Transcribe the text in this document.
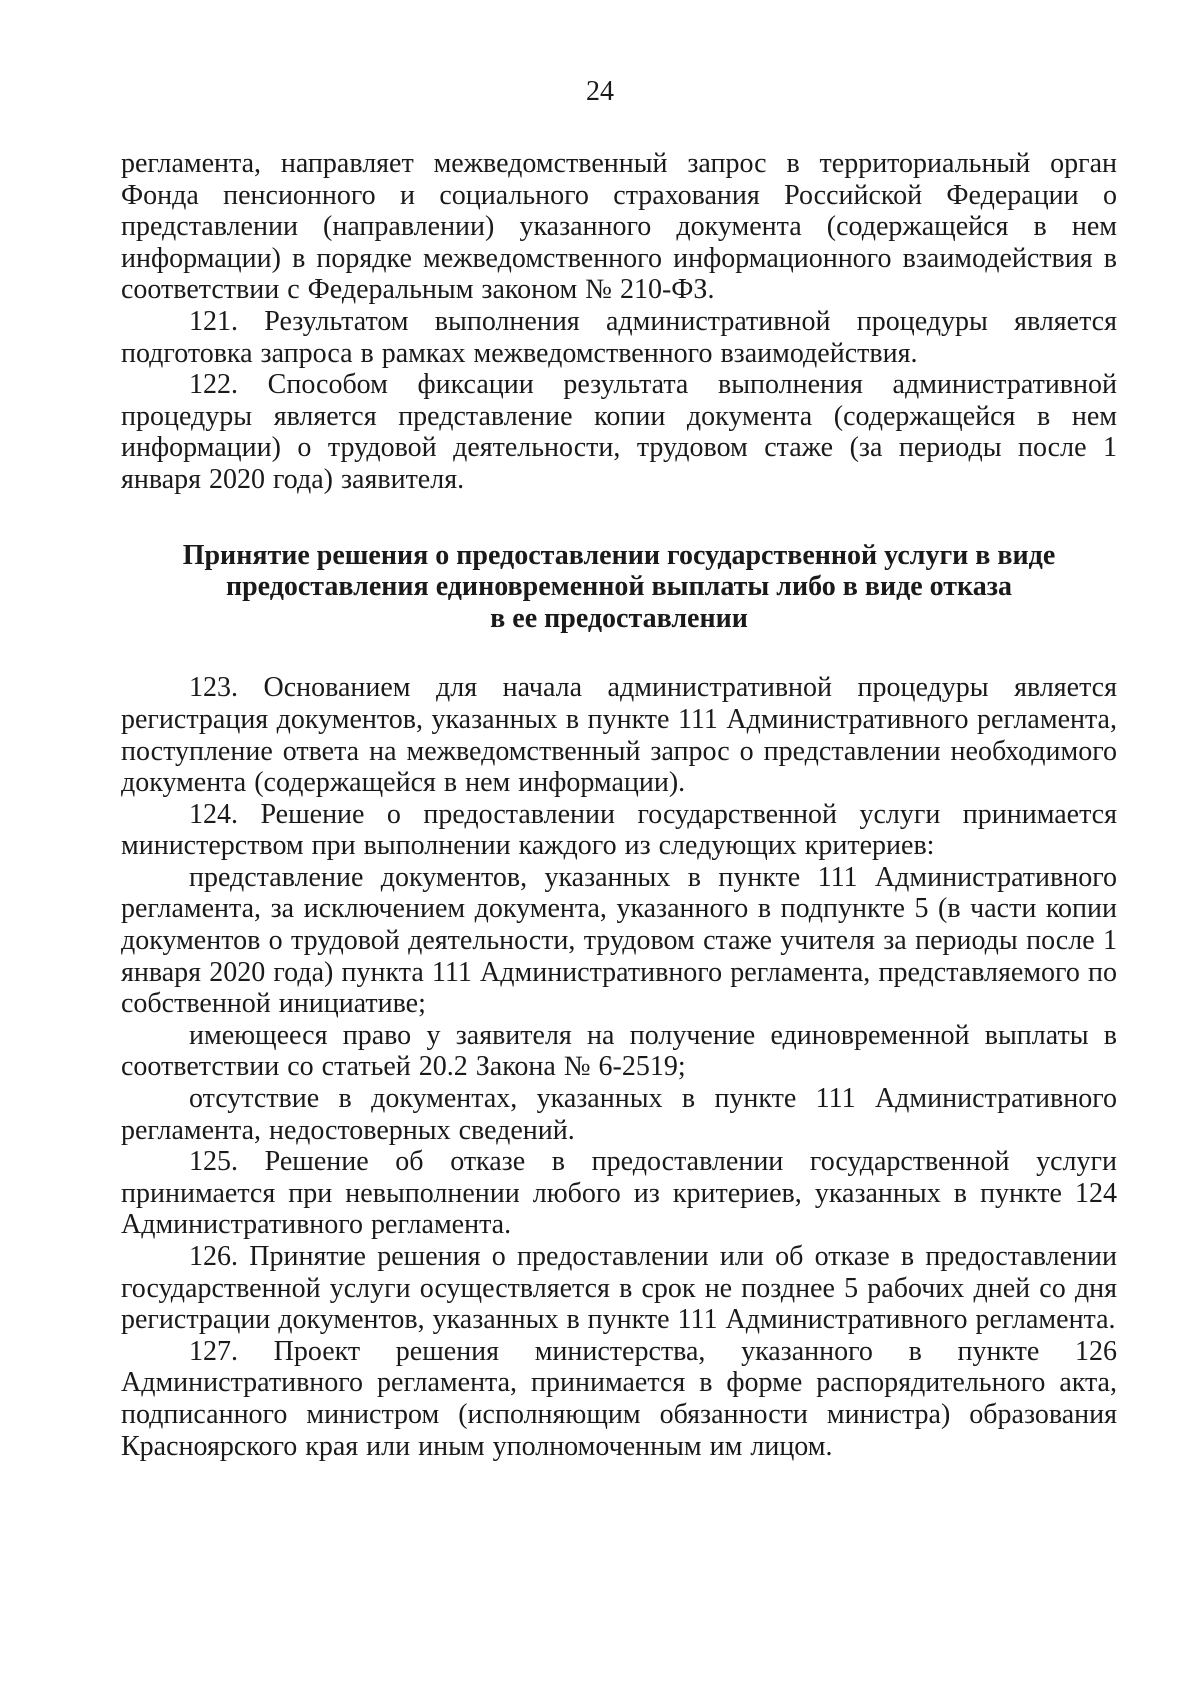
24

регламента, направляет межведомственный запрос в территориальный орган Фонда пенсионного и социального страхования Российской Федерации о представлении (направлении) указанного документа (содержащейся в нем информации) в порядке межведомственного информационного взаимодействия в соответствии с Федеральным законом № 210-ФЗ.

121. Результатом выполнения административной процедуры является подготовка запроса в рамках межведомственного взаимодействия.

122. Способом фиксации результата выполнения административной процедуры является представление копии документа (содержащейся в нем информации) о трудовой деятельности, трудовом стаже (за периоды после 1 января 2020 года) заявителя.

Принятие решения о предоставлении государственной услуги в виде
предоставления единовременной выплаты либо в виде отказа
в ее предоставлении

123. Основанием для начала административной процедуры является регистрация документов, указанных в пункте 111 Административного регламента, поступление ответа на межведомственный запрос о представлении необходимого документа (содержащейся в нем информации).

124. Решение о предоставлении государственной услуги принимается министерством при выполнении каждого из следующих критериев:

представление документов, указанных в пункте 111 Административного регламента, за исключением документа, указанного в подпункте 5 (в части копии документов о трудовой деятельности, трудовом стаже учителя за периоды после 1 января 2020 года) пункта 111 Административного регламента, представляемого по собственной инициативе;

имеющееся право у заявителя на получение единовременной выплаты в соответствии со статьей 20.2 Закона № 6-2519;

отсутствие в документах, указанных в пункте 111 Административного регламента, недостоверных сведений.

125. Решение об отказе в предоставлении государственной услуги принимается при невыполнении любого из критериев, указанных в пункте 124 Административного регламента.

126. Принятие решения о предоставлении или об отказе в предоставлении государственной услуги осуществляется в срок не позднее 5 рабочих дней со дня регистрации документов, указанных в пункте 111 Административного регламента.

127. Проект решения министерства, указанного в пункте 126 Административного регламента, принимается в форме распорядительного акта, подписанного министром (исполняющим обязанности министра) образования Красноярского края или иным уполномоченным им лицом.
